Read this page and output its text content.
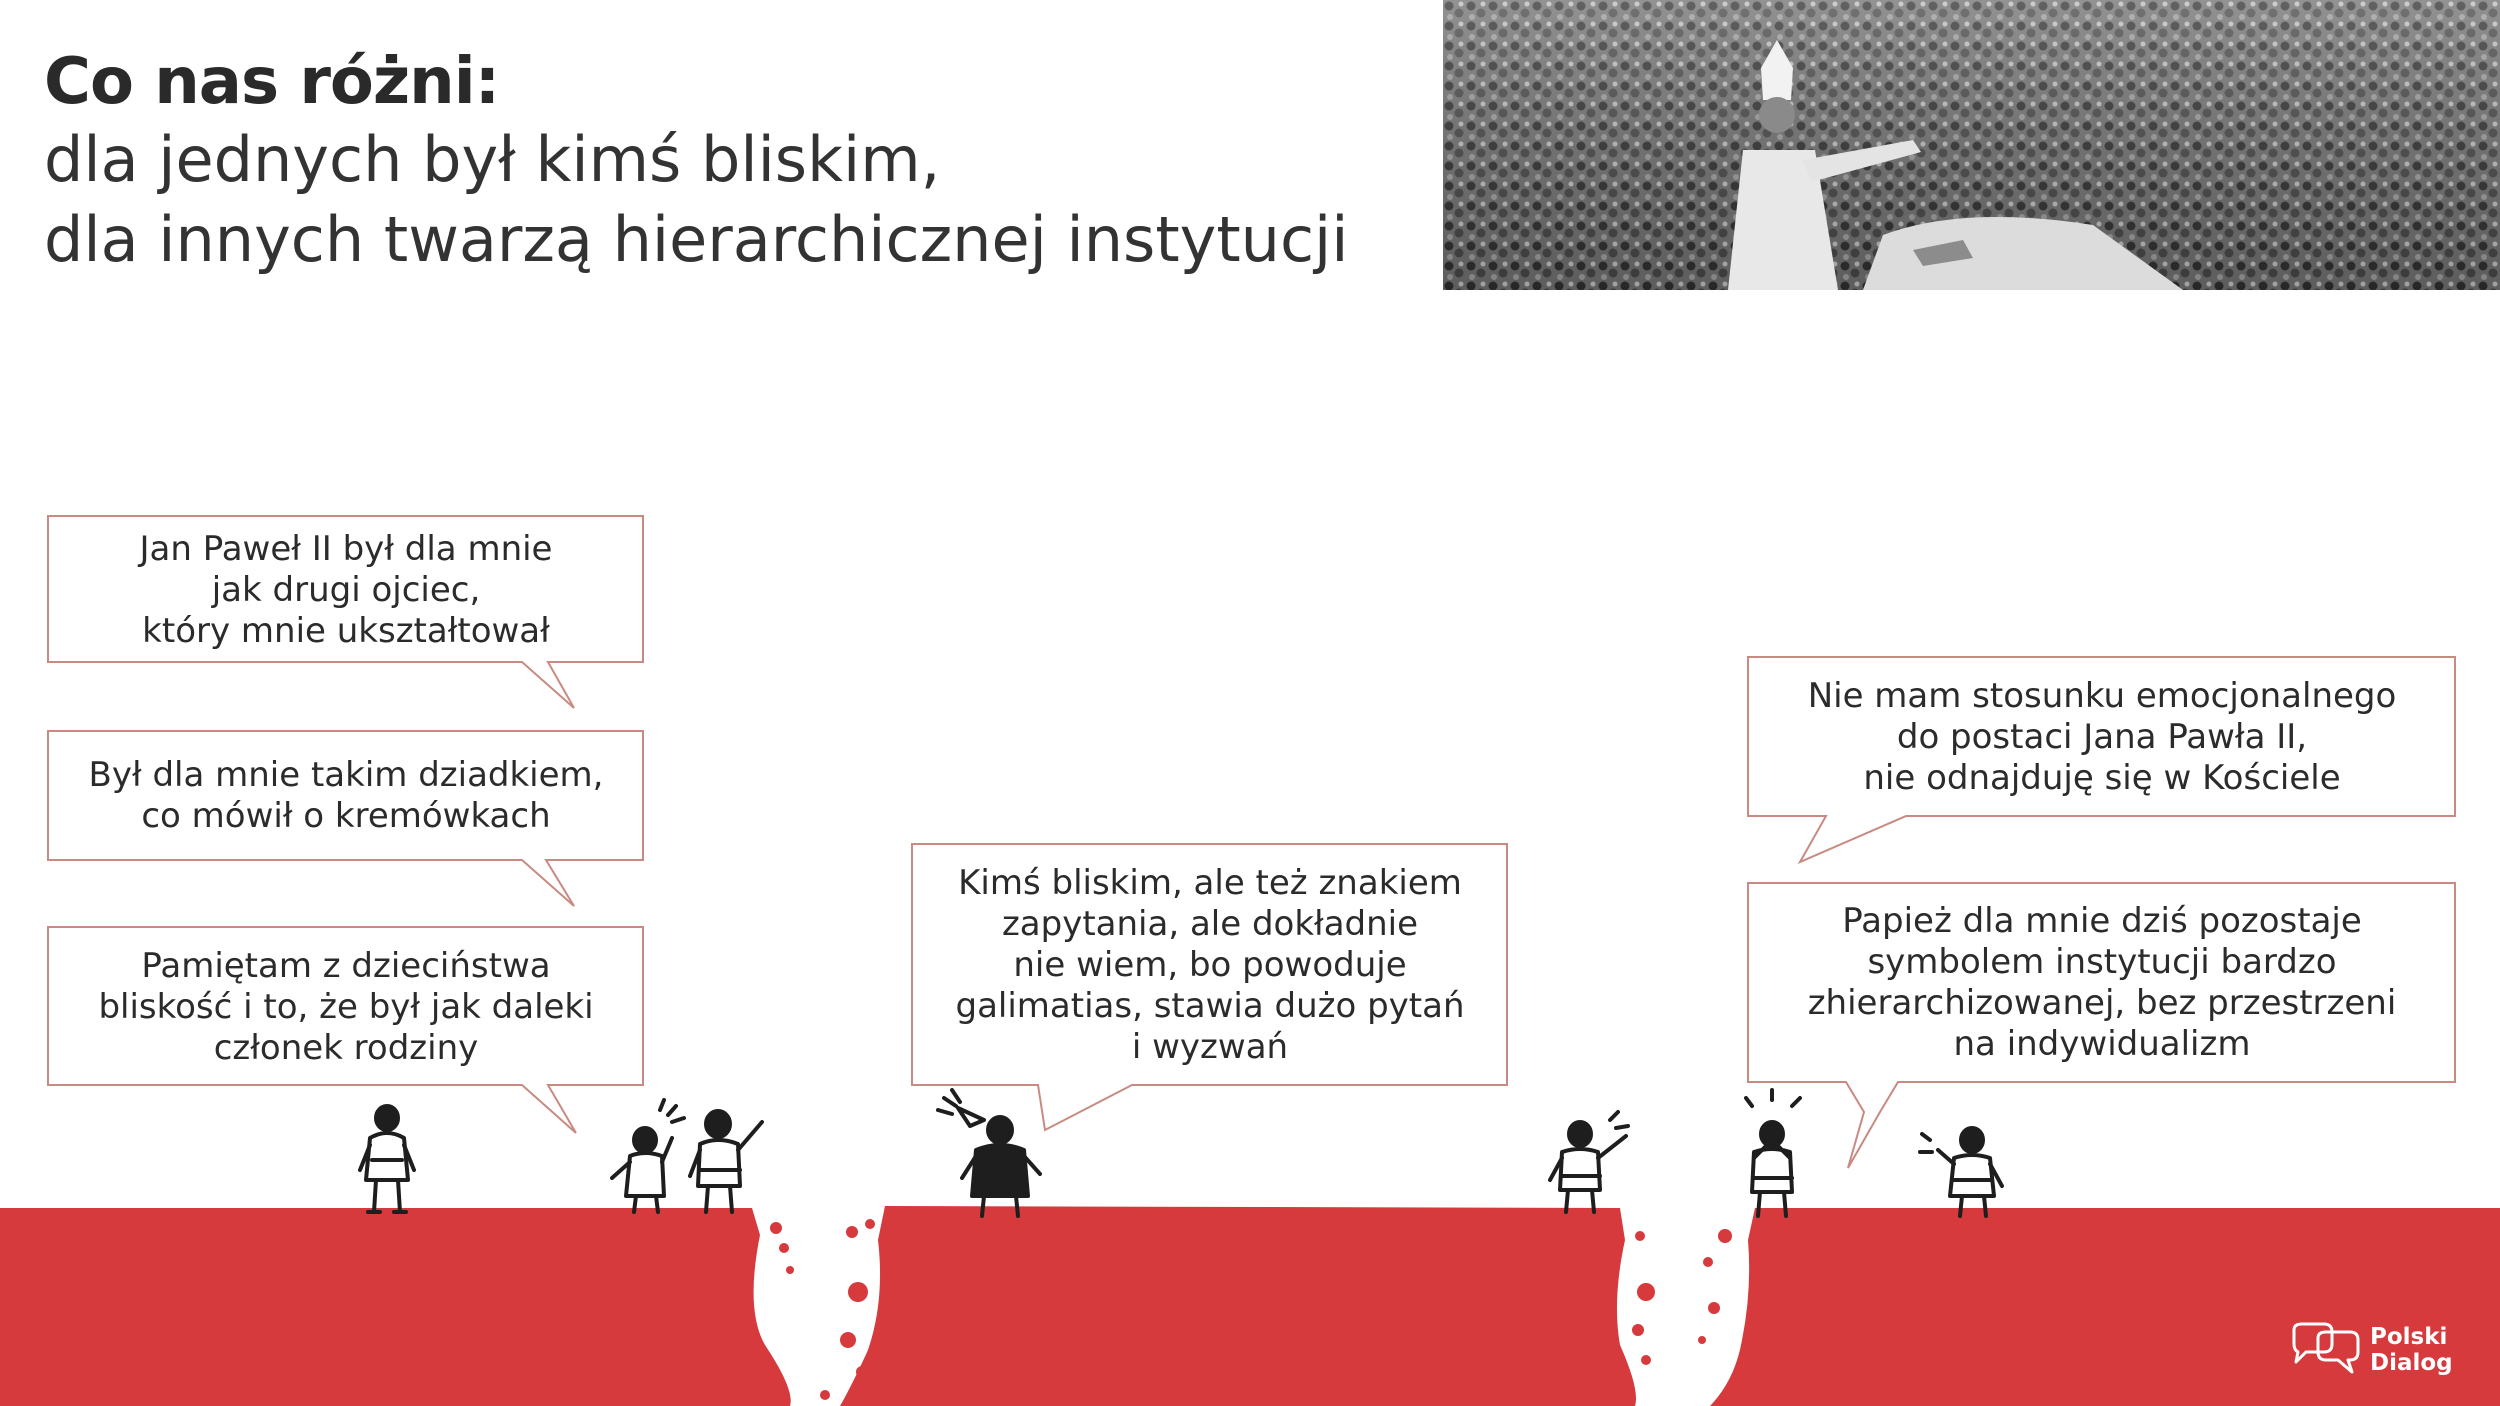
Co nas różni:
dla jednych był kimś bliskim,
dla innych twarzą hierarchicznej instytucji
Jan Paweł II był dla mnie
jak drugi ojciec,
który mnie ukształtował
Był dla mnie takim dziadkiem,
co mówił o kremówkach
Pamiętam z dzieciństwa
bliskość i to, że był jak daleki
członek rodziny
Kimś bliskim, ale też znakiem
zapytania, ale dokładnie
nie wiem, bo powoduje
galimatias, stawia dużo pytań
i wyzwań
Nie mam stosunku emocjonalnego
do postaci Jana Pawła II,
nie odnajduję się w Kościele
Papież dla mnie dziś pozostaje
symbolem instytucji bardzo
zhierarchizowanej, bez przestrzeni
na indywidualizm
Polski
Dialog
